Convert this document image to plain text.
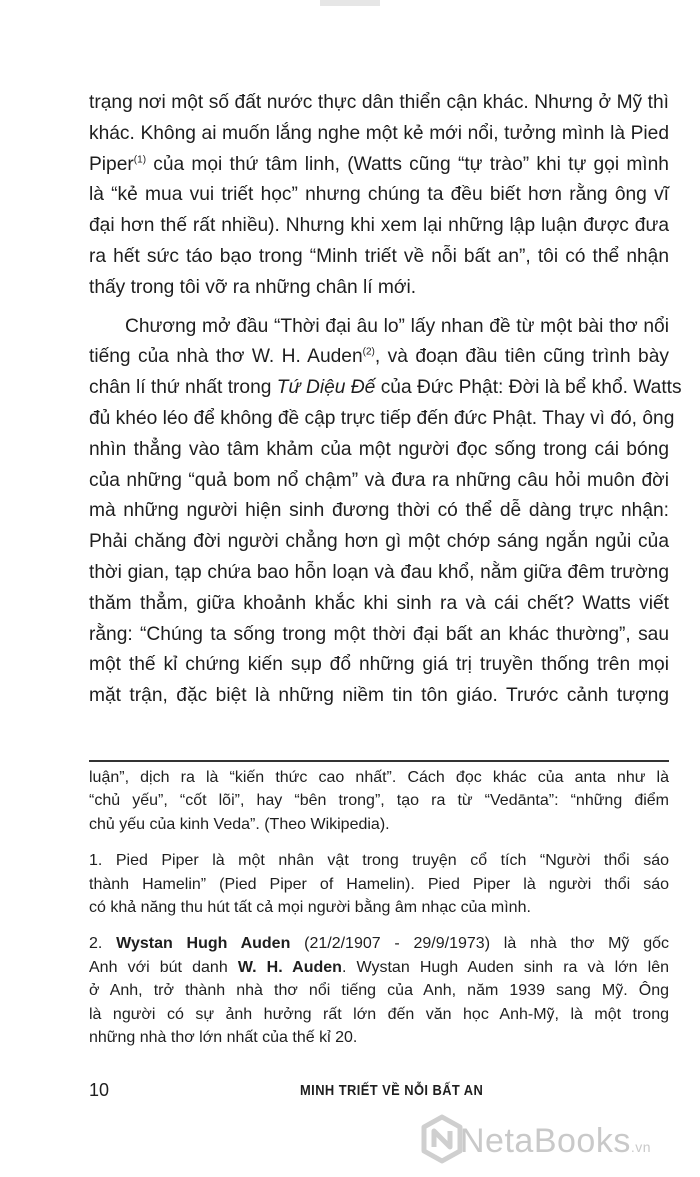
trạng nơi một số đất nước thực dân thiển cận khác. Nhưng ở Mỹ thì
khác. Không ai muốn lắng nghe một kẻ mới nổi, tưởng mình là Pied
Piper$^{(1)}$ của mọi thứ tâm linh, (Watts cũng “tự trào” khi tự gọi mình
là “kẻ mua vui triết học” nhưng chúng ta đều biết hơn rằng ông vĩ
đại hơn thế rất nhiều). Nhưng khi xem lại những lập luận được đưa
ra hết sức táo bạo trong “Minh triết về nỗi bất an”, tôi có thể nhận
thấy trong tôi vỡ ra những chân lí mới.
Chương mở đầu “Thời đại âu lo” lấy nhan đề từ một bài thơ nổi
tiếng của nhà thơ W. H. Auden$^{(2)}$, và đoạn đầu tiên cũng trình bày
chân lí thứ nhất trong Tứ Diệu Đế của Đức Phật: Đời là bể khổ. Watts
đủ khéo léo để không đề cập trực tiếp đến đức Phật. Thay vì đó, ông
nhìn thẳng vào tâm khảm của một người đọc sống trong cái bóng
của những “quả bom nổ chậm” và đưa ra những câu hỏi muôn đời
mà những người hiện sinh đương thời có thể dễ dàng trực nhận:
Phải chăng đời người chẳng hơn gì một chớp sáng ngắn ngủi của
thời gian, tạp chứa bao hỗn loạn và đau khổ, nằm giữa đêm trường
thăm thẳm, giữa khoảnh khắc khi sinh ra và cái chết? Watts viết
rằng: “Chúng ta sống trong một thời đại bất an khác thường”, sau
một thế kỉ chứng kiến sụp đổ những giá trị truyền thống trên mọi
mặt trận, đặc biệt là những niềm tin tôn giáo. Trước cảnh tượng
luận”, dịch ra là “kiến thức cao nhất”. Cách đọc khác của anta như là
“chủ yếu”, “cốt lõi”, hay “bên trong”, tạo ra từ “Vedānta”: “những điểm
chủ yếu của kinh Veda”. (Theo Wikipedia).
1. Pied Piper là một nhân vật trong truyện cổ tích “Người thổi sáo
thành Hamelin” (Pied Piper of Hamelin). Pied Piper là người thổi sáo
có khả năng thu hút tất cả mọi người bằng âm nhạc của mình.
2. Wystan Hugh Auden (21/2/1907 - 29/9/1973) là nhà thơ Mỹ gốc
Anh với bút danh W. H. Auden. Wystan Hugh Auden sinh ra và lớn lên
ở Anh, trở thành nhà thơ nổi tiếng của Anh, năm 1939 sang Mỹ. Ông
là người có sự ảnh hưởng rất lớn đến văn học Anh-Mỹ, là một trong
những nhà thơ lớn nhất của thế kỉ 20.
10	MINH TRIẾT VỀ NỖI BẤT AN
NetaBooks.vn
